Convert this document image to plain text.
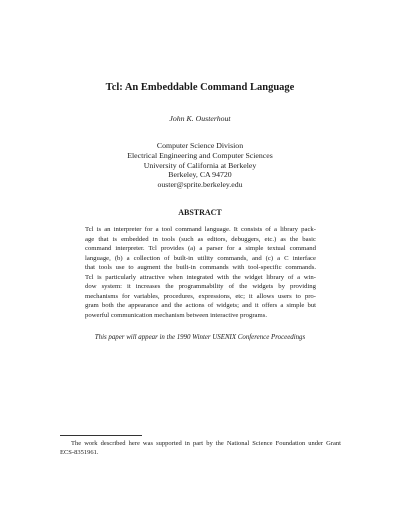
Tcl: An Embeddable Command Language
John K. Ousterhout
Computer Science Division
Electrical Engineering and Computer Sciences
University of California at Berkeley
Berkeley, CA 94720
ouster@sprite.berkeley.edu
ABSTRACT
Tcl is an interpreter for a tool command language. It consists of a library pack-
age that is embedded in tools (such as editors, debuggers, etc.) as the basic
command interpreter. Tcl provides (a) a parser for a simple textual command
language, (b) a collection of built-in utility commands, and (c) a C interface
that tools use to augment the built-in commands with tool-specific commands.
Tcl is particularly attractive when integrated with the widget library of a win-
dow system: it increases the programmability of the widgets by providing
mechanisms for variables, procedures, expressions, etc; it allows users to pro-
gram both the appearance and the actions of widgets; and it offers a simple but
powerful communication mechanism between interactive programs.
This paper will appear in the 1990 Winter USENIX Conference Proceedings
The work described here was supported in part by the National Science Foundation under Grant
ECS-8351961.
